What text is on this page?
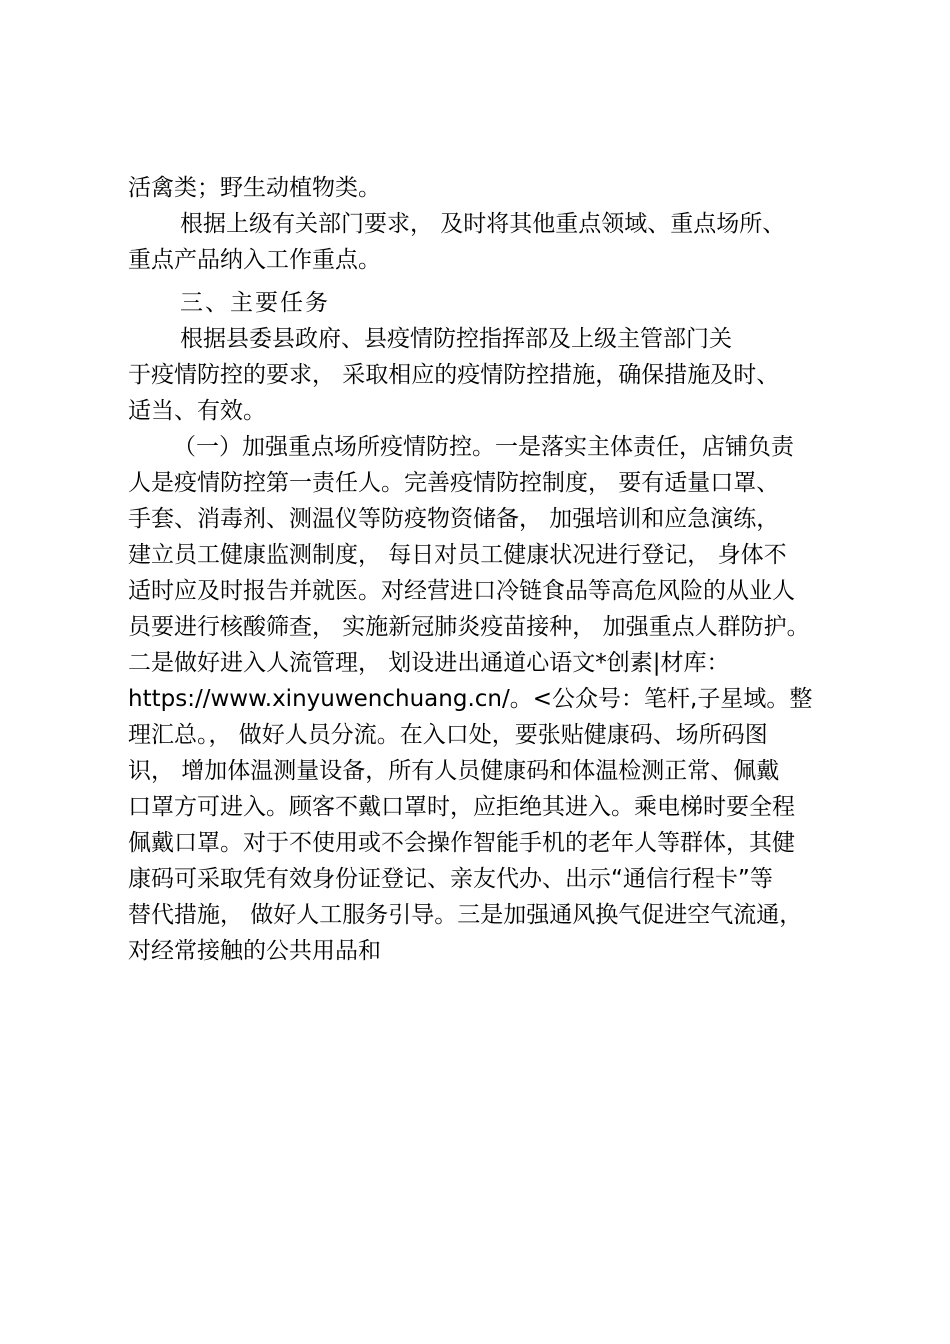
活禽类；野生动植物类。
根据上级有关部门要求， 及时将其他重点领域、重点场所、
重点产品纳入工作重点。
三、主要任务
根据县委县政府、县疫情防控指挥部及上级主管部门关
于疫情防控的要求， 采取相应的疫情防控措施，确保措施及时、
适当、有效。
（一）加强重点场所疫情防控。一是落实主体责任，店铺负责
人是疫情防控第一责任人。完善疫情防控制度， 要有适量口罩、
手套、消毒剂、测温仪等防疫物资储备， 加强培训和应急演练，
建立员工健康监测制度， 每日对员工健康状况进行登记， 身体不
适时应及时报告并就医。对经营进口冷链食品等高危风险的从业人
员要进行核酸筛查， 实施新冠肺炎疫苗接种， 加强重点人群防护。
二是做好进入人流管理， 划设进出通道心语文*创素|材库：
https://www.xinyuwenchuang.cn/。<公众号：笔杆,子星域。整
理汇总。， 做好人员分流。在入口处，要张贴健康码、场所码图
识， 增加体温测量设备，所有人员健康码和体温检测正常、佩戴
口罩方可进入。顾客不戴口罩时，应拒绝其进入。乘电梯时要全程
佩戴口罩。对于不使用或不会操作智能手机的老年人等群体，其健
康码可采取凭有效身份证登记、亲友代办、出示“通信行程卡”等
替代措施， 做好人工服务引导。三是加强通风换气促进空气流通，
对经常接触的公共用品和
